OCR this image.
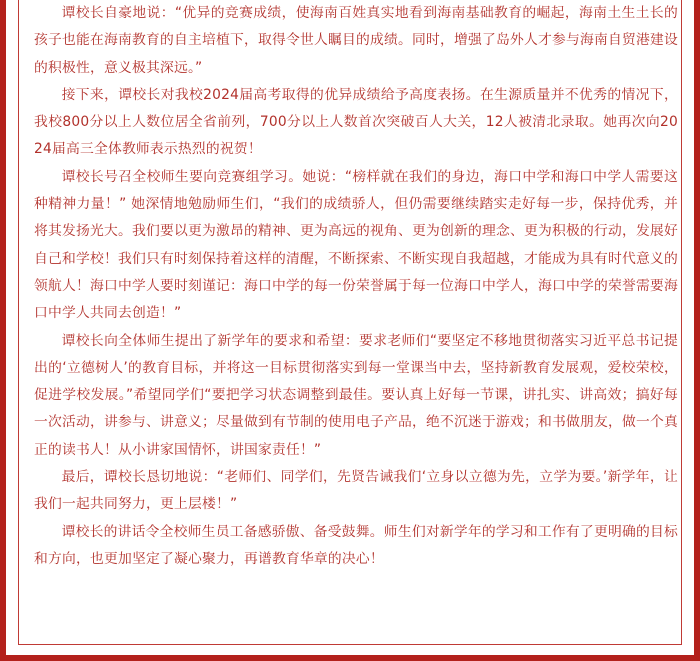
谭校长自豪地说：“优异的竞赛成绩，使海南百姓真实地看到海南基础教育的崛起，海南土生土长的孩子也能在海南教育的自主培植下，取得令世人瞩目的成绩。同时，增强了岛外人才参与海南自贸港建设的积极性，意义极其深远。”

接下来，谭校长对我校2024届高考取得的优异成绩给予高度表扬。在生源质量并不优秀的情况下，我校800分以上人数位居全省前列，700分以上人数首次突破百人大关，12人被清北录取。她再次向2024届高三全体教师表示热烈的祝贺！

谭校长号召全校师生要向竞赛组学习。她说：“榜样就在我们的身边，海口中学和海口中学人需要这种精神力量！” 她深情地勉励师生们，“我们的成绩骄人，但仍需要继续踏实走好每一步，保持优秀，并将其发扬光大。我们要以更为激昂的精神、更为高远的视角、更为创新的理念、更为积极的行动，发展好自己和学校！我们只有时刻保持着这样的清醒，不断探索、不断实现自我超越，才能成为具有时代意义的领航人！海口中学人要时刻谨记：海口中学的每一份荣誉属于每一位海口中学人，海口中学的荣誉需要海口中学人共同去创造！”

谭校长向全体师生提出了新学年的要求和希望：要求老师们“要坚定不移地贯彻落实习近平总书记提出的‘立德树人’的教育目标，并将这一目标贯彻落实到每一堂课当中去，坚持新教育发展观，爱校荣校，促进学校发展。”希望同学们“要把学习状态调整到最佳。要认真上好每一节课，讲扎实、讲高效；搞好每一次活动，讲参与、讲意义；尽量做到有节制的使用电子产品，绝不沉迷于游戏；和书做朋友，做一个真正的读书人！从小讲家国情怀，讲国家责任！”

最后，谭校长恳切地说：“老师们、同学们，先贤告诫我们‘立身以立德为先，立学为要。’新学年，让我们一起共同努力，更上层楼！”

谭校长的讲话令全校师生员工备感骄傲、备受鼓舞。师生们对新学年的学习和工作有了更明确的目标和方向，也更加坚定了凝心聚力，再谱教育华章的决心！
